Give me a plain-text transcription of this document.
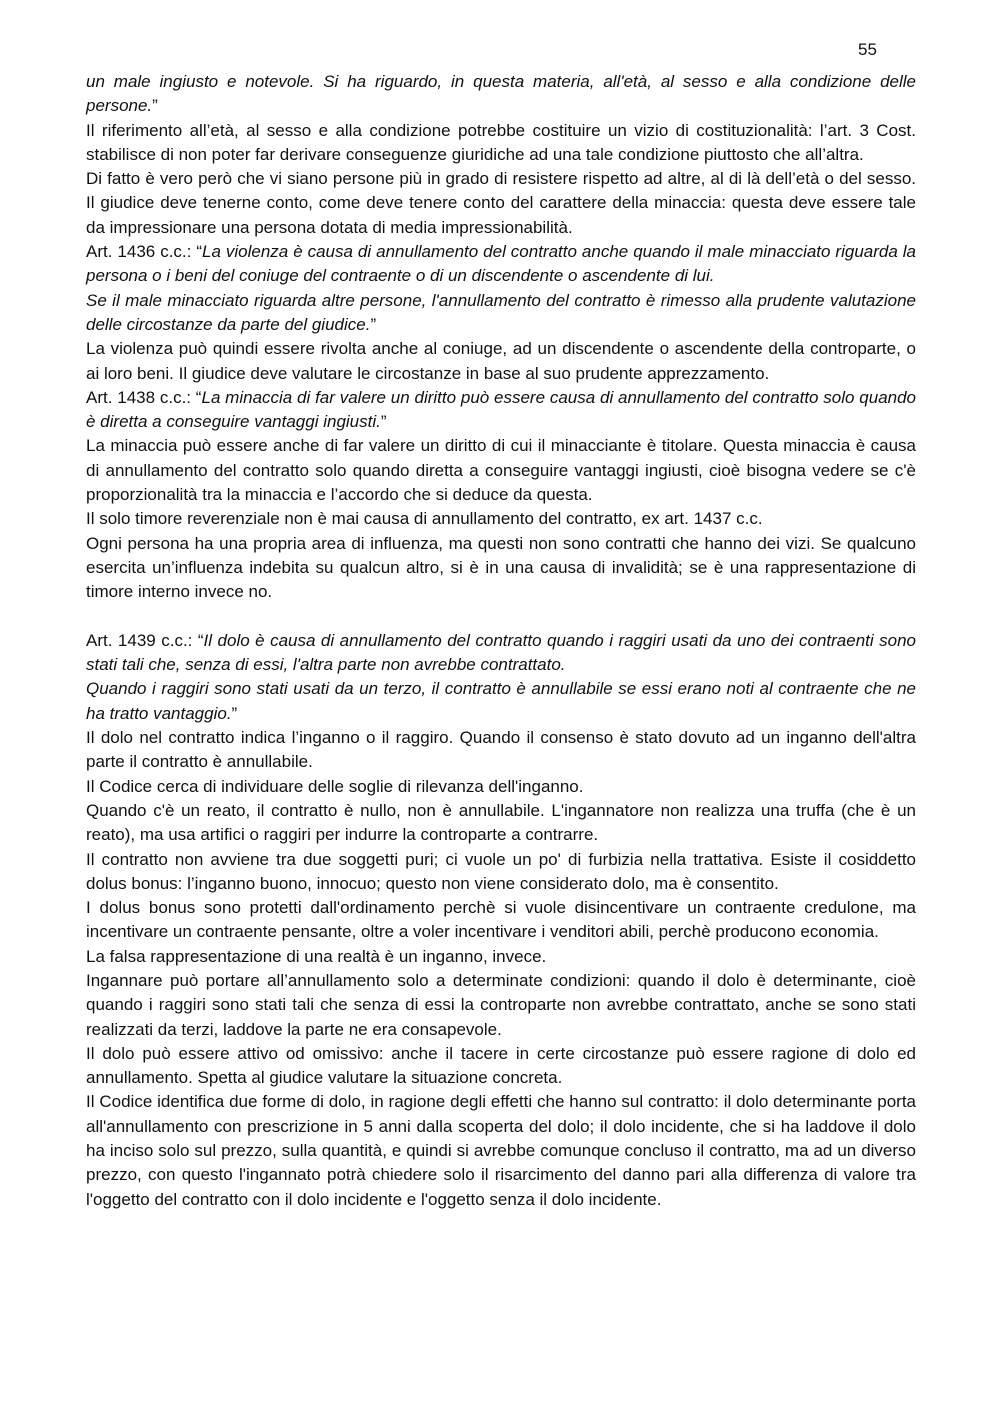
55

un male ingiusto e notevole. Si ha riguardo, in questa materia, all'età, al sesso e alla condizione delle persone.”

Il riferimento all’età, al sesso e alla condizione potrebbe costituire un vizio di costituzionalità: l’art. 3 Cost. stabilisce di non poter far derivare conseguenze giuridiche ad una tale condizione piuttosto che all’altra.

Di fatto è vero però che vi siano persone più in grado di resistere rispetto ad altre, al di là dell’età o del sesso. Il giudice deve tenerne conto, come deve tenere conto del carattere della minaccia: questa deve essere tale da impressionare una persona dotata di media impressionabilità.

Art. 1436 c.c.: “La violenza è causa di annullamento del contratto anche quando il male minacciato riguarda la persona o i beni del coniuge del contraente o di un discendente o ascendente di lui.

Se il male minacciato riguarda altre persone, l'annullamento del contratto è rimesso alla prudente valutazione delle circostanze da parte del giudice.”

La violenza può quindi essere rivolta anche al coniuge, ad un discendente o ascendente della controparte, o ai loro beni. Il giudice deve valutare le circostanze in base al suo prudente apprezzamento.

Art. 1438 c.c.: “La minaccia di far valere un diritto può essere causa di annullamento del contratto solo quando è diretta a conseguire vantaggi ingiusti.”

La minaccia può essere anche di far valere un diritto di cui il minacciante è titolare. Questa minaccia è causa di annullamento del contratto solo quando diretta a conseguire vantaggi ingiusti, cioè bisogna vedere se c'è proporzionalità tra la minaccia e l’accordo che si deduce da questa.

Il solo timore reverenziale non è mai causa di annullamento del contratto, ex art. 1437 c.c.

Ogni persona ha una propria area di influenza, ma questi non sono contratti che hanno dei vizi. Se qualcuno esercita un’influenza indebita su qualcun altro, si è in una causa di invalidità; se è una rappresentazione di timore interno invece no.

Art. 1439 c.c.: “Il dolo è causa di annullamento del contratto quando i raggiri usati da uno dei contraenti sono stati tali che, senza di essi, l'altra parte non avrebbe contrattato.

Quando i raggiri sono stati usati da un terzo, il contratto è annullabile se essi erano noti al contraente che ne ha tratto vantaggio.”

Il dolo nel contratto indica l’inganno o il raggiro. Quando il consenso è stato dovuto ad un inganno dell'altra parte il contratto è annullabile.

Il Codice cerca di individuare delle soglie di rilevanza dell'inganno.

Quando c'è un reato, il contratto è nullo, non è annullabile. L'ingannatore non realizza una truffa (che è un reato), ma usa artifici o raggiri per indurre la controparte a contrarre.

Il contratto non avviene tra due soggetti puri; ci vuole un po' di furbizia nella trattativa. Esiste il cosiddetto dolus bonus: l’inganno buono, innocuo; questo non viene considerato dolo, ma è consentito.

I dolus bonus sono protetti dall'ordinamento perchè si vuole disincentivare un contraente credulone, ma incentivare un contraente pensante, oltre a voler incentivare i venditori abili, perchè producono economia.

La falsa rappresentazione di una realtà è un inganno, invece.

Ingannare può portare all’annullamento solo a determinate condizioni: quando il dolo è determinante, cioè quando i raggiri sono stati tali che senza di essi la controparte non avrebbe contrattato, anche se sono stati realizzati da terzi, laddove la parte ne era consapevole.

Il dolo può essere attivo od omissivo: anche il tacere in certe circostanze può essere ragione di dolo ed annullamento. Spetta al giudice valutare la situazione concreta.

Il Codice identifica due forme di dolo, in ragione degli effetti che hanno sul contratto: il dolo determinante porta all'annullamento con prescrizione in 5 anni dalla scoperta del dolo; il dolo incidente, che si ha laddove il dolo ha inciso solo sul prezzo, sulla quantità, e quindi si avrebbe comunque concluso il contratto, ma ad un diverso prezzo, con questo l'ingannato potrà chiedere solo il risarcimento del danno pari alla differenza di valore tra l'oggetto del contratto con il dolo incidente e l'oggetto senza il dolo incidente.
